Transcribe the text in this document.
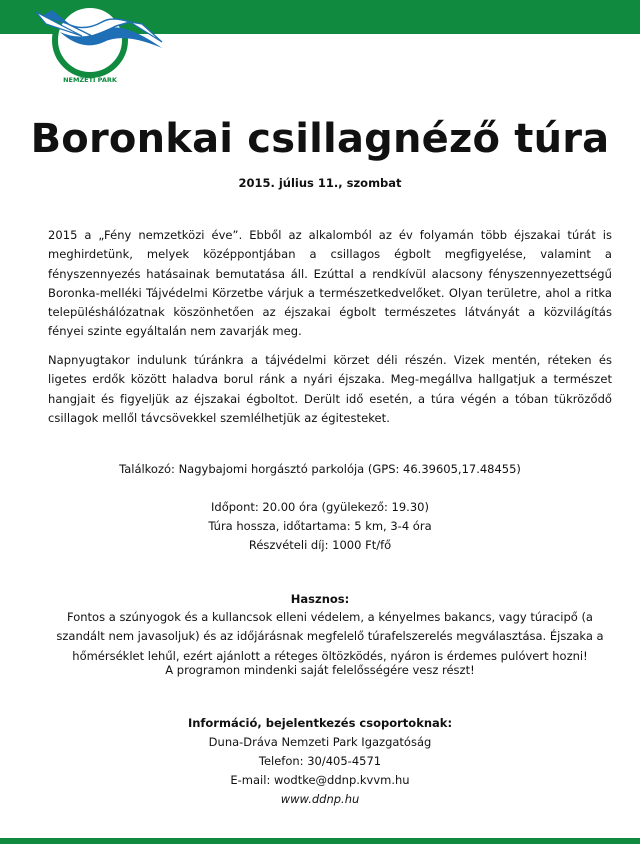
NEMZETI PARK
Boronkai csillagnéző túra
2015. július 11., szombat
2015 a „Fény nemzetközi éve”. Ebből az alkalomból az év folyamán több éjszakai túrát is meghirdetünk, melyek középpontjában a csillagos égbolt megfigyelése, valamint a fényszennyezés hatásainak bemutatása áll. Ezúttal a rendkívül alacsony fényszennyezettségű Boronka-melléki Tájvédelmi Körzetbe várjuk a természetkedvelőket. Olyan területre, ahol a ritka településhálózatnak köszönhetően az éjszakai égbolt természetes látványát a közvilágítás fényei szinte egyáltalán nem zavarják meg.
Napnyugtakor indulunk túránkra a tájvédelmi körzet déli részén. Vizek mentén, réteken és ligetes erdők között haladva borul ránk a nyári éjszaka. Meg-megállva hallgatjuk a természet hangjait és figyeljük az éjszakai égboltot. Derült idő esetén, a túra végén a tóban tükröződő csillagok mellől távcsövekkel szemlélhetjük az égitesteket.
Találkozó: Nagybajomi horgásztó parkolója (GPS: 46.39605,17.48455)
Időpont: 20.00 óra (gyülekező: 19.30)
Túra hossza, időtartama: 5 km, 3-4 óra
Részvételi díj: 1000 Ft/fő
Hasznos:
Fontos a szúnyogok és a kullancsok elleni védelem, a kényelmes bakancs, vagy túracipő (a szandált nem javasoljuk) és az időjárásnak megfelelő túrafelszerelés megválasztása. Éjszaka a hőmérséklet lehűl, ezért ajánlott a réteges öltözködés, nyáron is érdemes pulóvert hozni!
A programon mindenki saját felelősségére vesz részt!
Információ, bejelentkezés csoportoknak:
Duna-Dráva Nemzeti Park Igazgatóság
Telefon: 30/405-4571
E-mail: wodtke@ddnp.kvvm.hu
www.ddnp.hu
